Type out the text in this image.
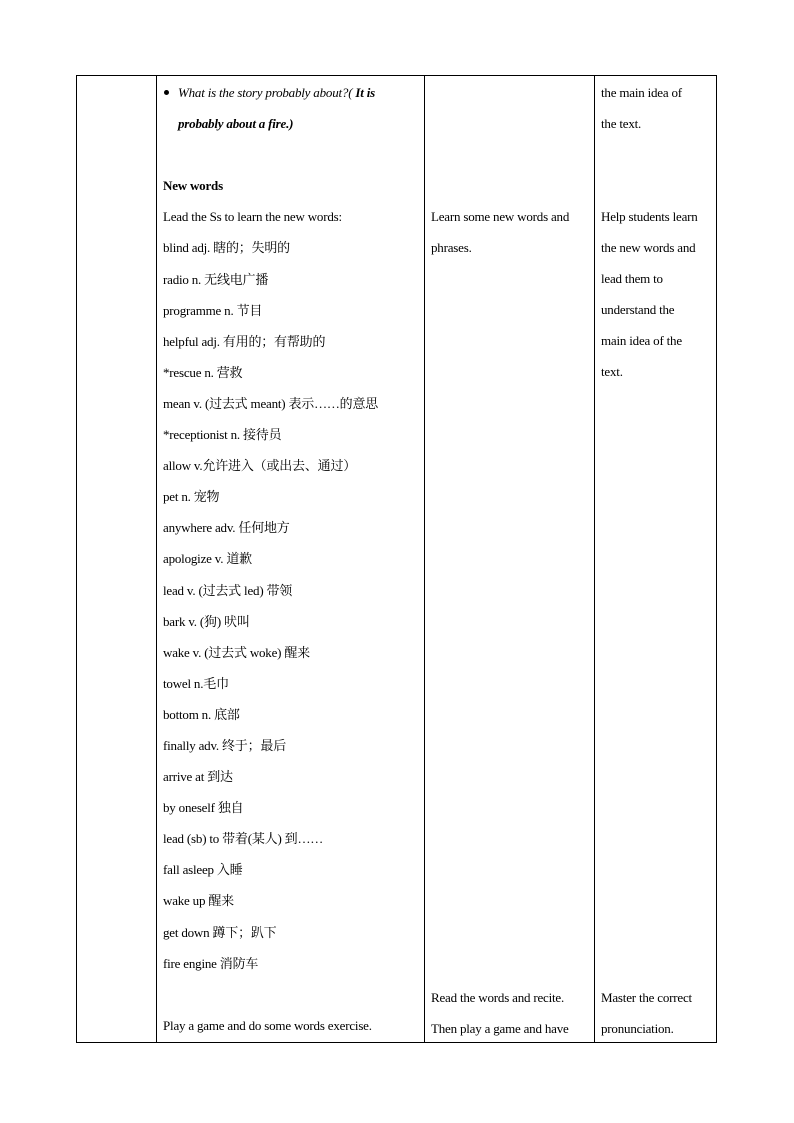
What is the story probably about?( It is
probably about a fire.)
New words
Lead the Ss to learn the new words:
blind adj. 瞎的；失明的
radio n. 无线电广播
programme n. 节目
helpful adj. 有用的；有帮助的
*rescue n. 营救
mean v. (过去式 meant) 表示……的意思
*receptionist n. 接待员
allow v.允许进入（或出去、通过）
pet n. 宠物
anywhere adv. 任何地方
apologize v. 道歉
lead v. (过去式 led) 带领
bark v. (狗) 吠叫
wake v. (过去式 woke) 醒来
towel n.毛巾
bottom n. 底部
finally adv. 终于；最后
arrive at 到达
by oneself 独自
lead (sb) to 带着(某人) 到……
fall asleep 入睡
wake up 醒来
get down 蹲下；趴下
fire engine 消防车
Play a game and do some words exercise.
Learn some new words and
phrases.
Read the words and recite.
Then play a game and have
the main idea of
the text.
Help students learn
the new words and
lead them to
understand the
main idea of the
text.
Master the correct
pronunciation.
